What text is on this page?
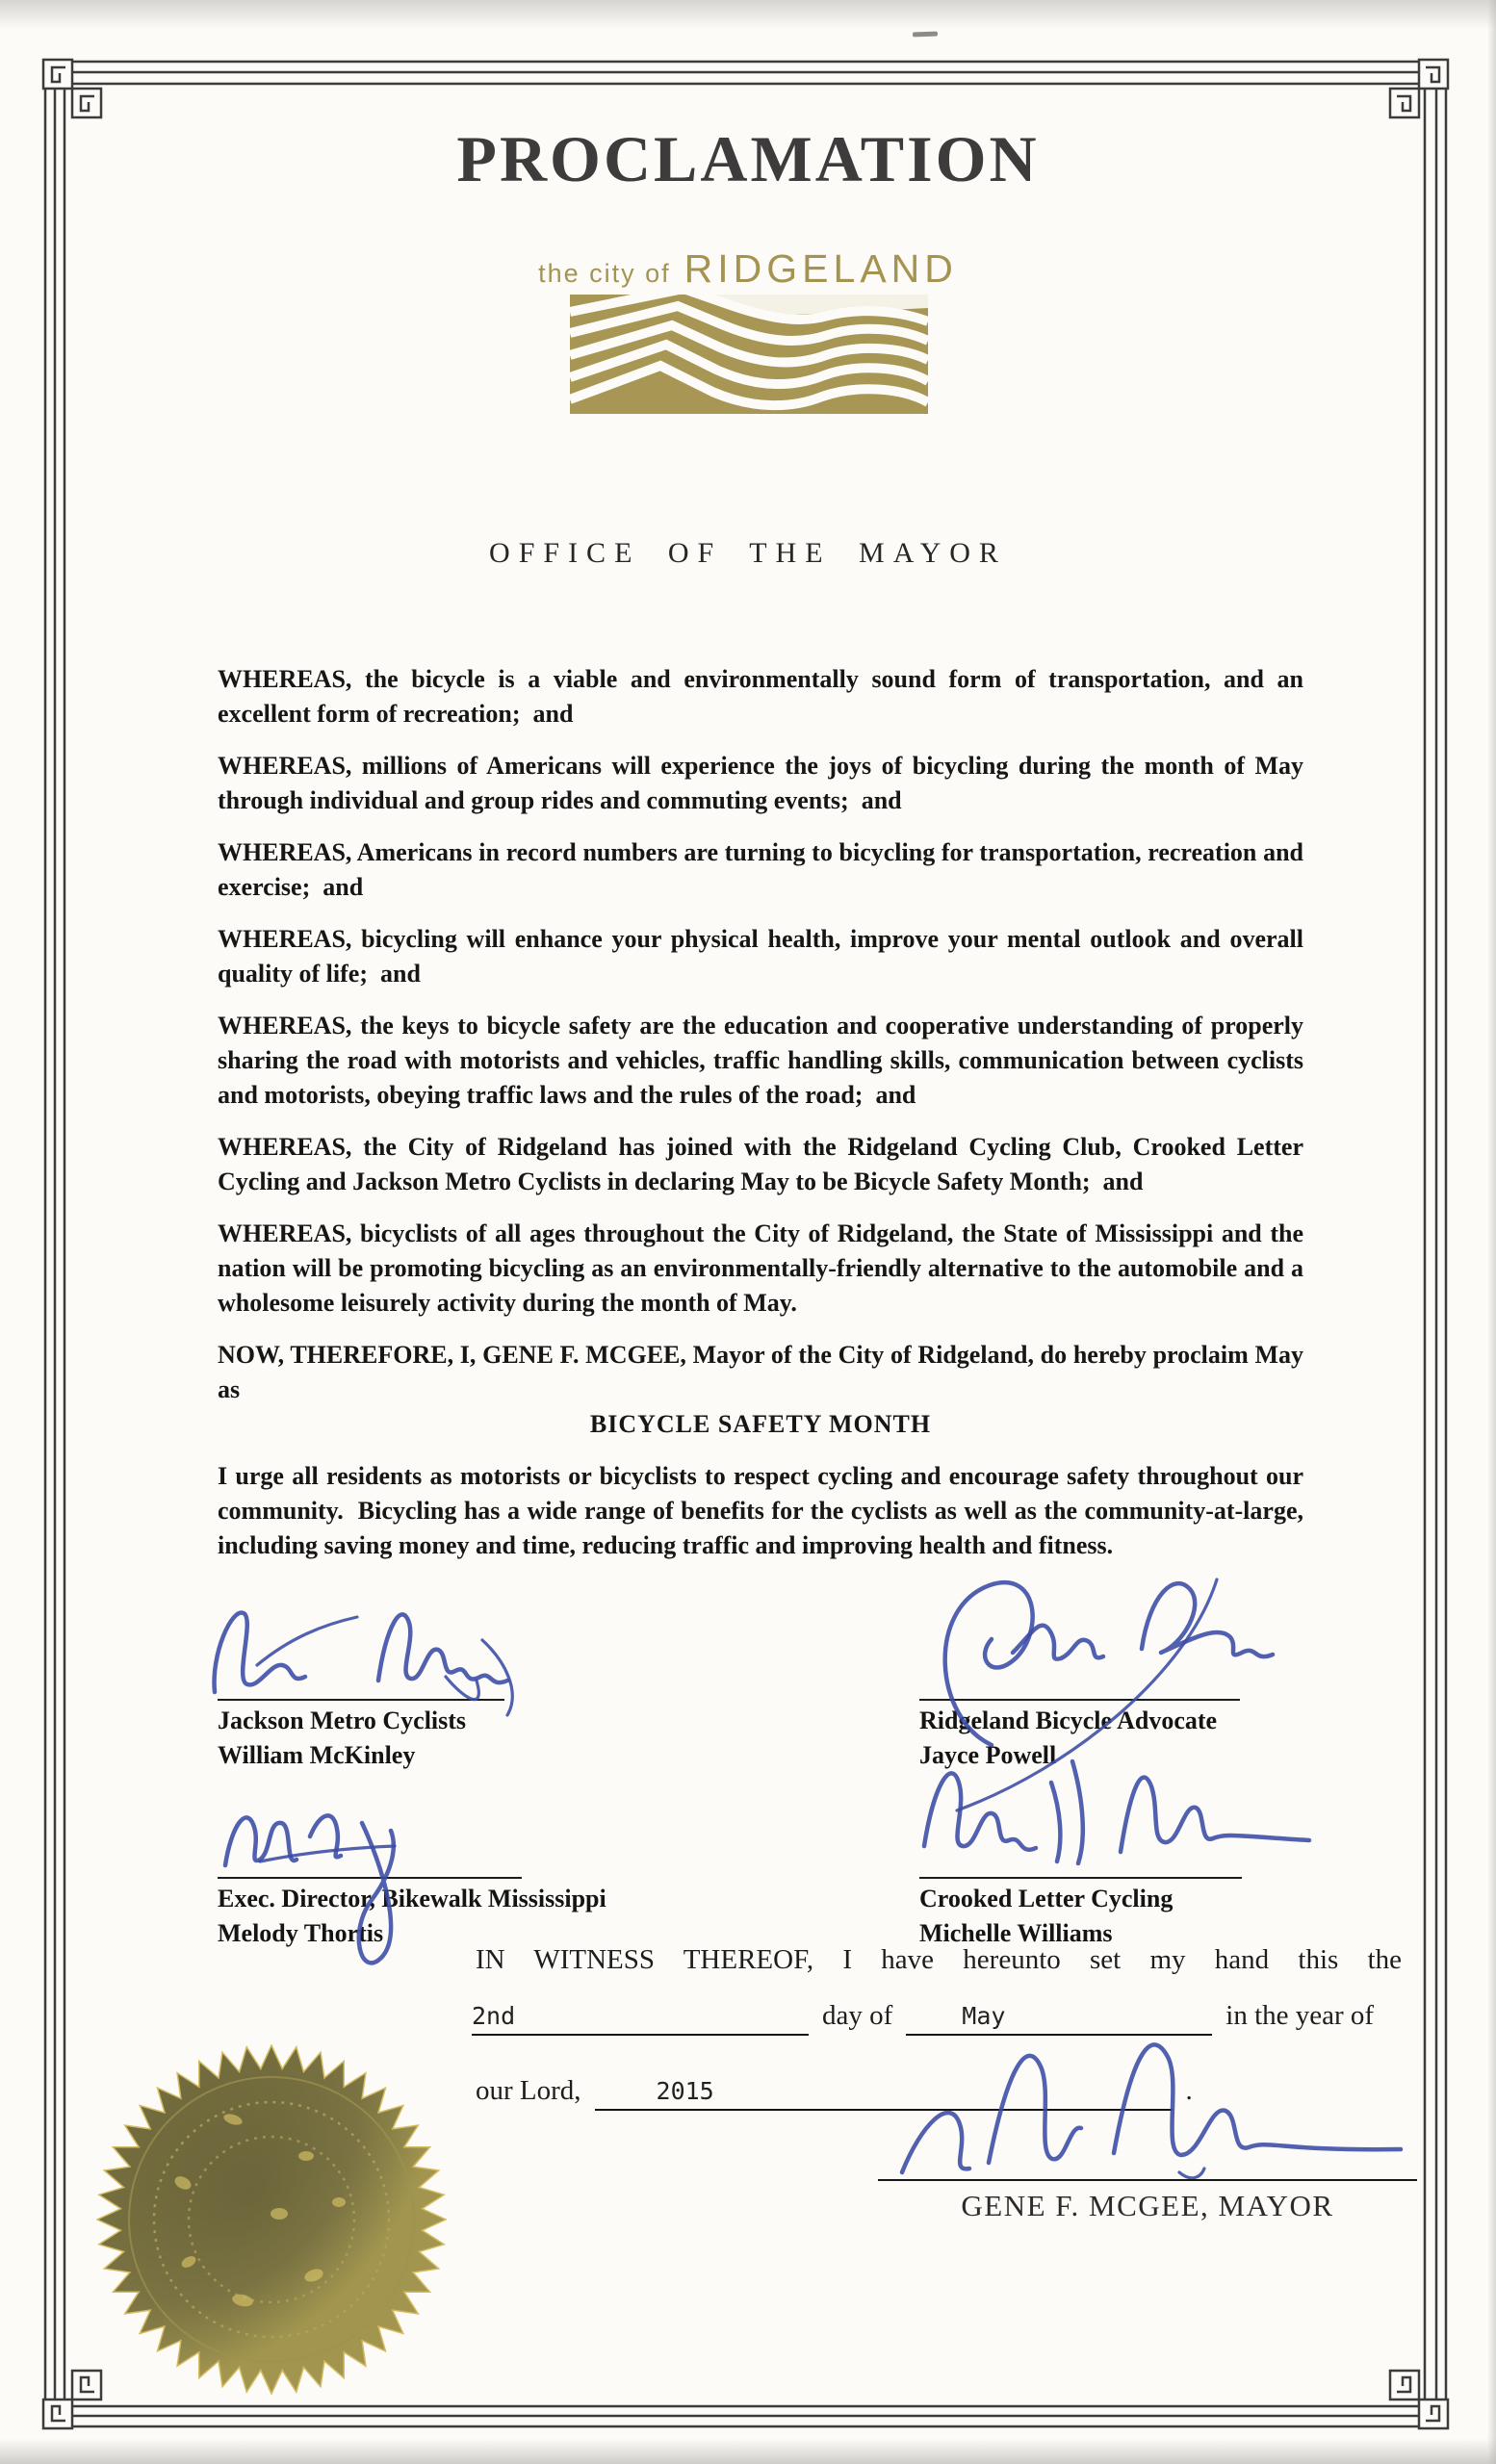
PROCLAMATION
the city of RIDGELAND
OFFICE OF THE MAYOR

WHEREAS, the bicycle is a viable and environmentally sound form of transportation, and an excellent form of recreation;  and

WHEREAS, millions of Americans will experience the joys of bicycling during the month of May through individual and group rides and commuting events;  and

WHEREAS, Americans in record numbers are turning to bicycling for transportation, recreation and exercise;  and

WHEREAS, bicycling will enhance your physical health, improve your mental outlook and overall quality of life;  and

WHEREAS, the keys to bicycle safety are the education and cooperative understanding of properly sharing the road with motorists and vehicles, traffic handling skills, communication between cyclists and motorists, obeying traffic laws and the rules of the road;  and

WHEREAS, the City of Ridgeland has joined with the Ridgeland Cycling Club, Crooked Letter Cycling and Jackson Metro Cyclists in declaring May to be Bicycle Safety Month;  and

WHEREAS, bicyclists of all ages throughout the City of Ridgeland, the State of Mississippi and the nation will be promoting bicycling as an environmentally-friendly alternative to the automobile and a wholesome leisurely activity during the month of May.

NOW, THEREFORE, I, GENE F. MCGEE, Mayor of the City of Ridgeland, do hereby proclaim May as

BICYCLE SAFETY MONTH

I urge all residents as motorists or bicyclists to respect cycling and encourage safety throughout our community.  Bicycling has a wide range of benefits for the cyclists as well as the community-at-large, including saving money and time, reducing traffic and improving health and fitness.

Jackson Metro Cyclists
William McKinley
Ridgeland Bicycle Advocate
Jayce Powell
Exec. Director, Bikewalk Mississippi
Melody Thortis
Crooked Letter Cycling
Michelle Williams
IN WITNESS THEREOF, I have hereunto set my hand this the
2nd	day of	May	in the year of
our Lord,	2015	.
GENE F. MCGEE, MAYOR
